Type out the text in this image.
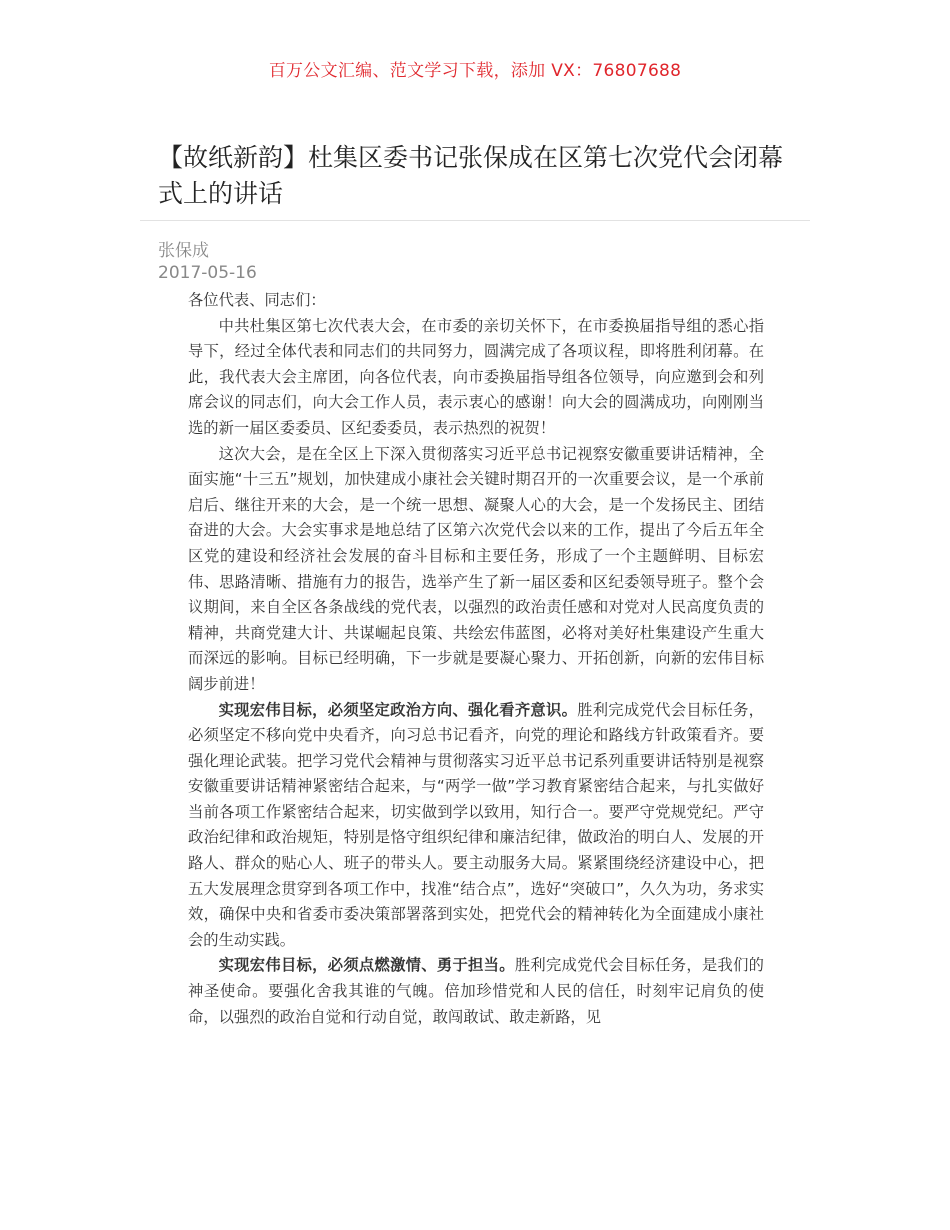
百万公文汇编、范文学习下载，添加 VX：76807688
【故纸新韵】杜集区委书记张保成在区第七次党代会闭幕式上的讲话
张保成
2017-05-16

各位代表、同志们：

中共杜集区第七次代表大会，在市委的亲切关怀下，在市委换届指导组的悉心指导下，经过全体代表和同志们的共同努力，圆满完成了各项议程，即将胜利闭幕。在此，我代表大会主席团，向各位代表，向市委换届指导组各位领导，向应邀到会和列席会议的同志们，向大会工作人员，表示衷心的感谢！向大会的圆满成功，向刚刚当选的新一届区委委员、区纪委委员，表示热烈的祝贺！

这次大会，是在全区上下深入贯彻落实习近平总书记视察安徽重要讲话精神，全面实施“十三五”规划，加快建成小康社会关键时期召开的一次重要会议，是一个承前启后、继往开来的大会，是一个统一思想、凝聚人心的大会，是一个发扬民主、团结奋进的大会。大会实事求是地总结了区第六次党代会以来的工作，提出了今后五年全区党的建设和经济社会发展的奋斗目标和主要任务，形成了一个主题鲜明、目标宏伟、思路清晰、措施有力的报告，选举产生了新一届区委和区纪委领导班子。整个会议期间，来自全区各条战线的党代表，以强烈的政治责任感和对党对人民高度负责的精神，共商党建大计、共谋崛起良策、共绘宏伟蓝图，必将对美好杜集建设产生重大而深远的影响。目标已经明确，下一步就是要凝心聚力、开拓创新，向新的宏伟目标阔步前进！

实现宏伟目标，必须坚定政治方向、强化看齐意识。胜利完成党代会目标任务，必须坚定不移向党中央看齐，向习总书记看齐，向党的理论和路线方针政策看齐。要强化理论武装。把学习党代会精神与贯彻落实习近平总书记系列重要讲话特别是视察安徽重要讲话精神紧密结合起来，与“两学一做”学习教育紧密结合起来，与扎实做好当前各项工作紧密结合起来，切实做到学以致用，知行合一。要严守党规党纪。严守政治纪律和政治规矩，特别是恪守组织纪律和廉洁纪律，做政治的明白人、发展的开路人、群众的贴心人、班子的带头人。要主动服务大局。紧紧围绕经济建设中心，把五大发展理念贯穿到各项工作中，找准“结合点”，选好“突破口”，久久为功，务求实效，确保中央和省委市委决策部署落到实处，把党代会的精神转化为全面建成小康社会的生动实践。

实现宏伟目标，必须点燃激情、勇于担当。胜利完成党代会目标任务，是我们的神圣使命。要强化舍我其谁的气魄。倍加珍惜党和人民的信任，时刻牢记肩负的使命，以强烈的政治自觉和行动自觉，敢闯敢试、敢走新路，见
